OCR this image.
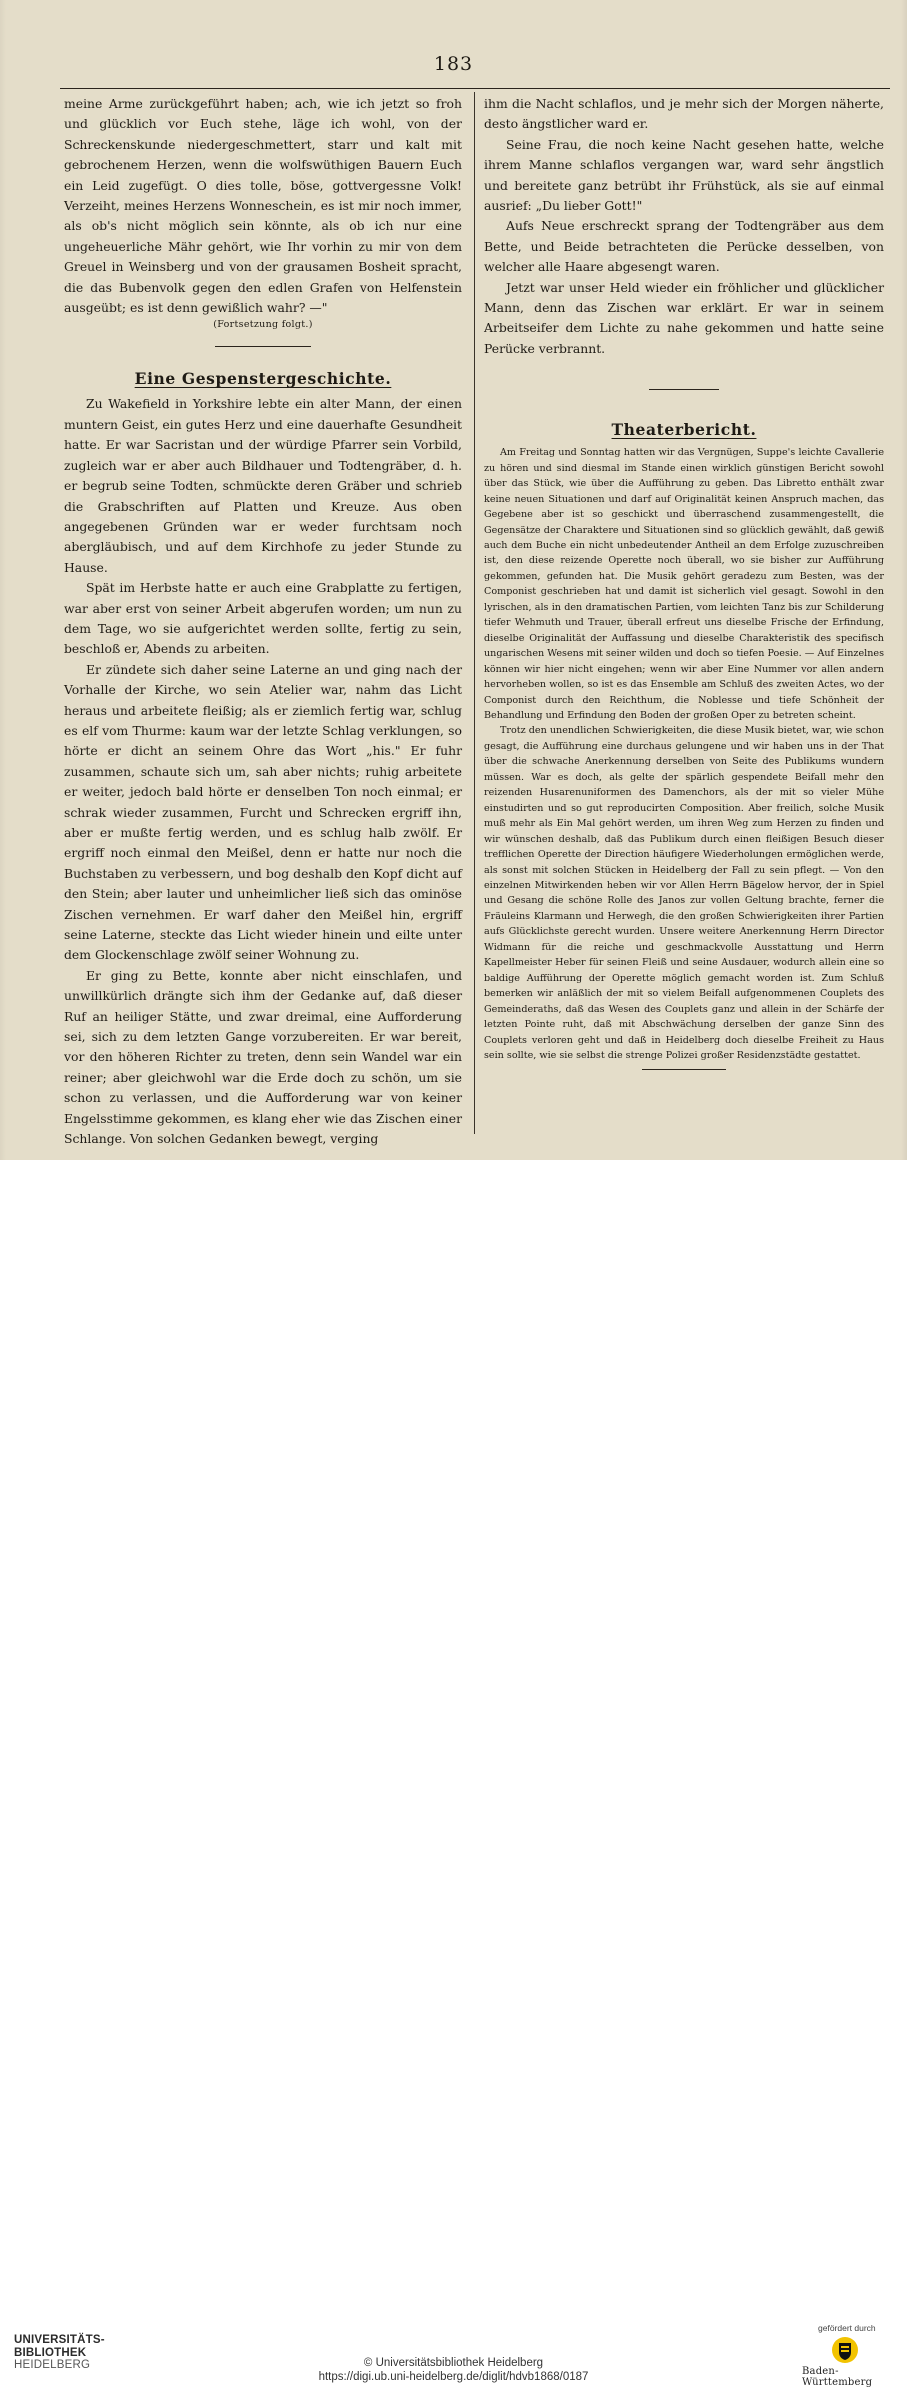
183

meine Arme zurückgeführt haben; ach, wie ich jetzt so froh und glücklich vor Euch stehe, läge ich wohl, von der Schreckenskunde niedergeschmettert, starr und kalt mit gebrochenem Herzen, wenn die wolfswüthigen Bauern Euch ein Leid zugefügt. O dies tolle, böse, gottvergessne Volk! Verzeiht, meines Herzens Wonneschein, es ist mir noch immer, als ob's nicht möglich sein könnte, als ob ich nur eine ungeheuerliche Mähr gehört, wie Ihr vorhin zu mir von dem Greuel in Weinsberg und von der grausamen Bosheit spracht, die das Bubenvolk gegen den edlen Grafen von Helfenstein ausgeübt; es ist denn gewißlich wahr? —"

(Fortsetzung folgt.)

Eine Gespenstergeschichte.

Zu Wakefield in Yorkshire lebte ein alter Mann, der einen muntern Geist, ein gutes Herz und eine dauerhafte Gesundheit hatte. Er war Sacristan und der würdige Pfarrer sein Vorbild, zugleich war er aber auch Bildhauer und Todtengräber, d. h. er begrub seine Todten, schmückte deren Gräber und schrieb die Grabschriften auf Platten und Kreuze. Aus oben angegebenen Gründen war er weder furchtsam noch abergläubisch, und auf dem Kirchhofe zu jeder Stunde zu Hause.

Spät im Herbste hatte er auch eine Grabplatte zu fertigen, war aber erst von seiner Arbeit abgerufen worden; um nun zu dem Tage, wo sie aufgerichtet werden sollte, fertig zu sein, beschloß er, Abends zu arbeiten.

Er zündete sich daher seine Laterne an und ging nach der Vorhalle der Kirche, wo sein Atelier war, nahm das Licht heraus und arbeitete fleißig; als er ziemlich fertig war, schlug es elf vom Thurme: kaum war der letzte Schlag verklungen, so hörte er dicht an seinem Ohre das Wort „his." Er fuhr zusammen, schaute sich um, sah aber nichts; ruhig arbeitete er weiter, jedoch bald hörte er denselben Ton noch einmal; er schrak wieder zusammen, Furcht und Schrecken ergriff ihn, aber er mußte fertig werden, und es schlug halb zwölf. Er ergriff noch einmal den Meißel, denn er hatte nur noch die Buchstaben zu verbessern, und bog deshalb den Kopf dicht auf den Stein; aber lauter und unheimlicher ließ sich das ominöse Zischen vernehmen. Er warf daher den Meißel hin, ergriff seine Laterne, steckte das Licht wieder hinein und eilte unter dem Glockenschlage zwölf seiner Wohnung zu.

Er ging zu Bette, konnte aber nicht einschlafen, und unwillkürlich drängte sich ihm der Gedanke auf, daß dieser Ruf an heiliger Stätte, und zwar dreimal, eine Aufforderung sei, sich zu dem letzten Gange vorzubereiten. Er war bereit, vor den höheren Richter zu treten, denn sein Wandel war ein reiner; aber gleichwohl war die Erde doch zu schön, um sie schon zu verlassen, und die Aufforderung war von keiner Engelsstimme gekommen, es klang eher wie das Zischen einer Schlange. Von solchen Gedanken bewegt, verging

ihm die Nacht schlaflos, und je mehr sich der Morgen näherte, desto ängstlicher ward er.

Seine Frau, die noch keine Nacht gesehen hatte, welche ihrem Manne schlaflos vergangen war, ward sehr ängstlich und bereitete ganz betrübt ihr Frühstück, als sie auf einmal ausrief: „Du lieber Gott!"

Aufs Neue erschreckt sprang der Todtengräber aus dem Bette, und Beide betrachteten die Perücke desselben, von welcher alle Haare abgesengt waren.

Jetzt war unser Held wieder ein fröhlicher und glücklicher Mann, denn das Zischen war erklärt. Er war in seinem Arbeitseifer dem Lichte zu nahe gekommen und hatte seine Perücke verbrannt.

Theaterbericht.

Am Freitag und Sonntag hatten wir das Vergnügen, Suppe's leichte Cavallerie zu hören und sind diesmal im Stande einen wirklich günstigen Bericht sowohl über das Stück, wie über die Aufführung zu geben. Das Libretto enthält zwar keine neuen Situationen und darf auf Originalität keinen Anspruch machen, das Gegebene aber ist so geschickt und überraschend zusammengestellt, die Gegensätze der Charaktere und Situationen sind so glücklich gewählt, daß gewiß auch dem Buche ein nicht unbedeutender Antheil an dem Erfolge zuzuschreiben ist, den diese reizende Operette noch überall, wo sie bisher zur Aufführung gekommen, gefunden hat. Die Musik gehört geradezu zum Besten, was der Componist geschrieben hat und damit ist sicherlich viel gesagt. Sowohl in den lyrischen, als in den dramatischen Partien, vom leichten Tanz bis zur Schilderung tiefer Wehmuth und Trauer, überall erfreut uns dieselbe Frische der Erfindung, dieselbe Originalität der Auffassung und dieselbe Charakteristik des specifisch ungarischen Wesens mit seiner wilden und doch so tiefen Poesie. — Auf Einzelnes können wir hier nicht eingehen; wenn wir aber Eine Nummer vor allen andern hervorheben wollen, so ist es das Ensemble am Schluß des zweiten Actes, wo der Componist durch den Reichthum, die Noblesse und tiefe Schönheit der Behandlung und Erfindung den Boden der großen Oper zu betreten scheint.

Trotz den unendlichen Schwierigkeiten, die diese Musik bietet, war, wie schon gesagt, die Aufführung eine durchaus gelungene und wir haben uns in der That über die schwache Anerkennung derselben von Seite des Publikums wundern müssen. War es doch, als gelte der spärlich gespendete Beifall mehr den reizenden Husarenuniformen des Damenchors, als der mit so vieler Mühe einstudirten und so gut reproducirten Composition. Aber freilich, solche Musik muß mehr als Ein Mal gehört werden, um ihren Weg zum Herzen zu finden und wir wünschen deshalb, daß das Publikum durch einen fleißigen Besuch dieser trefflichen Operette der Direction häufigere Wiederholungen ermöglichen werde, als sonst mit solchen Stücken in Heidelberg der Fall zu sein pflegt. — Von den einzelnen Mitwirkenden heben wir vor Allen Herrn Bägelow hervor, der in Spiel und Gesang die schöne Rolle des Janos zur vollen Geltung brachte, ferner die Fräuleins Klarmann und Herwegh, die den großen Schwierigkeiten ihrer Partien aufs Glücklichste gerecht wurden. Unsere weitere Anerkennung Herrn Director Widmann für die reiche und geschmackvolle Ausstattung und Herrn Kapellmeister Heber für seinen Fleiß und seine Ausdauer, wodurch allein eine so baldige Aufführung der Operette möglich gemacht worden ist. Zum Schluß bemerken wir anläßlich der mit so vielem Beifall aufgenommenen Couplets des Gemeinderaths, daß das Wesen des Couplets ganz und allein in der Schärfe der letzten Pointe ruht, daß mit Abschwächung derselben der ganze Sinn des Couplets verloren geht und daß in Heidelberg doch dieselbe Freiheit zu Haus sein sollte, wie sie selbst die strenge Polizei großer Residenzstädte gestattet.

UNIVERSITÄTS-
BIBLIOTHEK
HEIDELBERG	© Universitätsbibliothek Heidelberg
https://digi.ub.uni-heidelberg.de/diglit/hdvb1868/0187
gefördert durch
Baden-Württemberg
